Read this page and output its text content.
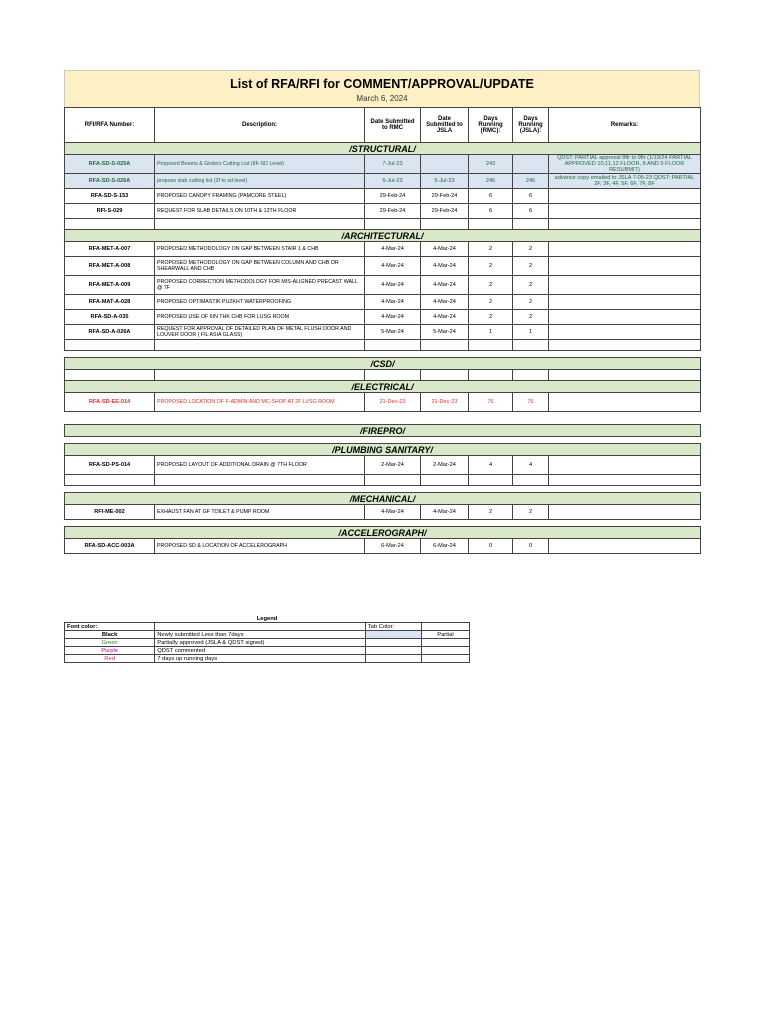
List of RFA/RFI for COMMENT/APPROVAL/UPDATE
March 6, 2024
RFI/RFA Number:	Description:	Date Submitted to RMC	Date Submitted to JSLA	Days Running (RMC):	Days Running (JSLA):	Remarks:
/STRUCTURAL/						
RFA-SD-S-025A	Proposed Beams & Girders Cutting List (8F-SD Level)	7-Jul-23		243		QDST: PARTIAL approval 8flr to 9flr (1/19/24 PARTIAL APPROVED 10,11,12 FLOOR, 8 AND 9 FLOOR RESUBMIT)
RFA-SD-S-026A	propose slab cutting list (2f to sd level)	5-Jul-23	5-Jul-23	245	245	advance copy emailed to JSLA 7-05-23 QDST: PARTIAL 2F, 3F, 4F, 5F, 6F, 7F, 8F
RFA-SD-S-153	PROPOSED CANOPY FRAMING (PAMCORE STEEL)	29-Feb-24	29-Feb-24	6	6	
RFI-S-029	REQUEST FOR SLAB DETAILS ON 10TH & 13TH FLOOR	29-Feb-24	29-Feb-24	6	6	

/ARCHITECTURAL/						
RFA-MET-A-007	PROPOSED METHODOLOGY ON GAP BETWEEN STAIR 1 & CHB	4-Mar-24	4-Mar-24	2	2	
RFA-MET-A-008	PROPOSED METHODOLOGY ON GAP BETWEEN COLUMN AND CHB OR SHEARWALL AND CHB	4-Mar-24	4-Mar-24	2	2	
RFA-MET-A-009	PROPOSED CORRECTION METHODOLOGY FOR MIS-ALIGNED PRECAST WALL @ 7F	4-Mar-24	4-Mar-24	2	2	
RFA-MAT-A-028	PROPOSED OPTIMASTIK PU2KHT WATERPROOFING	4-Mar-24	4-Mar-24	2	2	
RFA-SD-A-035	PROPOSED USE OF 6IN THK CHB FOR LUSG ROOM	4-Mar-24	4-Mar-24	2	2	
RFA-SD-A-026A	REQUEST FOR APPROVAL OF DETAILED PLAN OF METAL FLUSH DOOR AND LOUVER DOOR ( FIL ASIA GLASS)	5-Mar-24	5-Mar-24	1	1	

/CSD/						

/ELECTRICAL/						
RFA-SD-EE-014	PROPOSED LOCATION OF F-ADMIN AND MC-SHOP AT 2F LVSG ROOM	21-Dec-23	21-Dec-23	76	76	

/FIREPRO/						

/PLUMBING SANITARY/						
RFA-SD-PS-014	PROPOSED LAYOUT OF ADDITIONAL DRAIN @ 7TH FLOOR	2-Mar-24	2-Mar-24	4	4	

/MECHANICAL/						
RFI-ME-002	EXHAUST FAN AT GF TOILET & PUMP ROOM	4-Mar-24	4-Mar-24	2	2	

/ACCELEROGRAPH/						
RFA-SD-ACC-003A	PROPOSED SD & LOCATION OF ACCELEROGRAPH	6-Mar-24	6-Mar-24	0	0	
Legend			
Font color:		Tab Color:	
Black	Newly submitted Less than 7days		Partial
Green	Partially approved (JSLA & QDST signed)		
Purple	QDST commented		
Red	7 days up running days		
